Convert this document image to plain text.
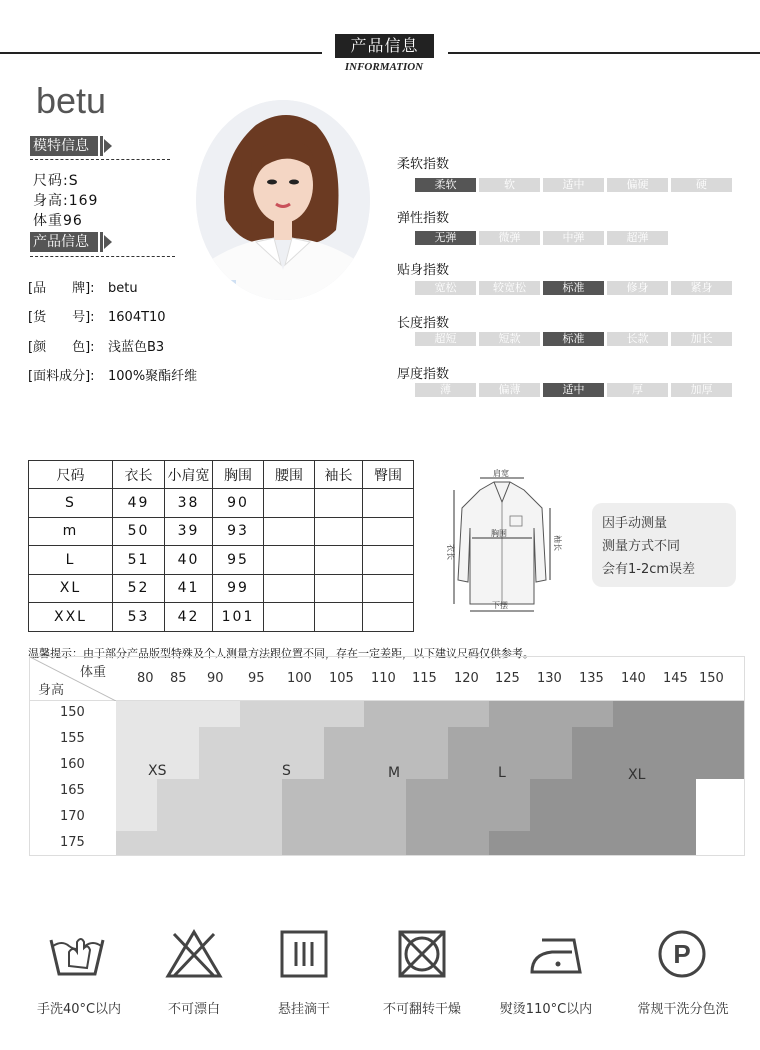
产品信息
INFORMATION
betu
模特信息
尺码:S
身高:169
体重96
产品信息
[品　　牌]: betu
[货　　号]: 1604T10
[颜　　色]: 浅蓝色B3
[面料成分]: 100%聚酯纤维
柔软指数
柔软	软	适中	偏硬	硬
弹性指数
无弹	微弹	中弹	超弹
贴身指数
宽松	较宽松	标准	修身	紧身
长度指数
超短	短款	标准	长款	加长
厚度指数
薄	偏薄	适中	厚	加厚
尺码	衣长	小肩宽	胸围	腰围	袖长	臀围
S	49	38	90			
m	50	39	93			
L	51	40	95			
XL	52	41	99			
XXL	53	42	101			
肩宽
胸围
衣长
袖长
下摆
因手动测量
测量方式不同
会有1-2cm误差
温馨提示：由于部分产品版型特殊及个人测量方法跟位置不同，存在一定差距，以下建议尺码仅供参考。
体重
身高
80 85 90 95 100 105 110 115 120 125 130 135 140 145 150
150
155
160
165
170
175
XS	S	M	L	XL
手洗40°C以内	不可漂白	悬挂滴干	不可翻转干燥	熨烫110°C以内
P
常规干洗分色洗
